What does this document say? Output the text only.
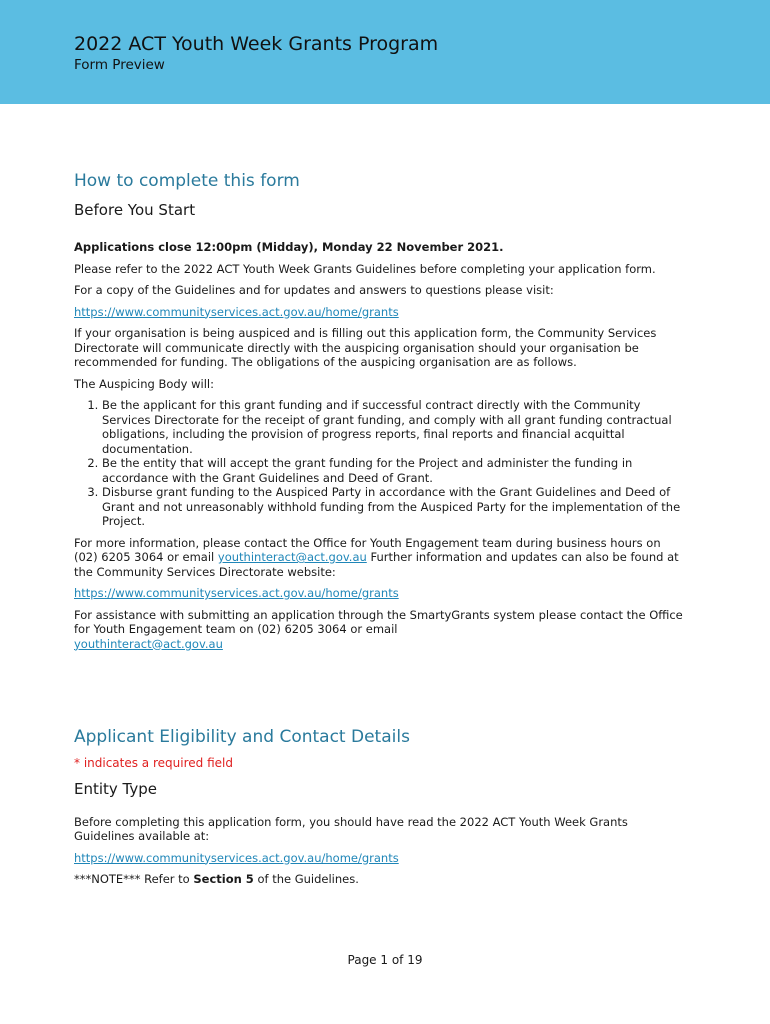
2022 ACT Youth Week Grants Program
Form Preview
How to complete this form
Before You Start

Applications close 12:00pm (Midday), Monday 22 November 2021.

Please refer to the 2022 ACT Youth Week Grants Guidelines before completing your application form.

For a copy of the Guidelines and for updates and answers to questions please visit:

https://www.communityservices.act.gov.au/home/grants

If your organisation is being auspiced and is filling out this application form, the Community Services Directorate will communicate directly with the auspicing organisation should your organisation be recommended for funding. The obligations of the auspicing organisation are as follows.

The Auspicing Body will:

1. Be the applicant for this grant funding and if successful contract directly with the Community Services Directorate for the receipt of grant funding, and comply with all grant funding contractual obligations, including the provision of progress reports, final reports and financial acquittal documentation.
2. Be the entity that will accept the grant funding for the Project and administer the funding in accordance with the Grant Guidelines and Deed of Grant.
3. Disburse grant funding to the Auspiced Party in accordance with the Grant Guidelines and Deed of Grant and not unreasonably withhold funding from the Auspiced Party for the implementation of the Project.

For more information, please contact the Office for Youth Engagement team during business hours on (02) 6205 3064 or email youthinteract@act.gov.au Further information and updates can also be found at the Community Services Directorate website:

https://www.communityservices.act.gov.au/home/grants

For assistance with submitting an application through the SmartyGrants system please contact the Office for Youth Engagement team on (02) 6205 3064 or email
youthinteract@act.gov.au

Applicant Eligibility and Contact Details

* indicates a required field

Entity Type

Before completing this application form, you should have read the 2022 ACT Youth Week Grants Guidelines available at:

https://www.communityservices.act.gov.au/home/grants

***NOTE*** Refer to Section 5 of the Guidelines.

Page 1 of 19
